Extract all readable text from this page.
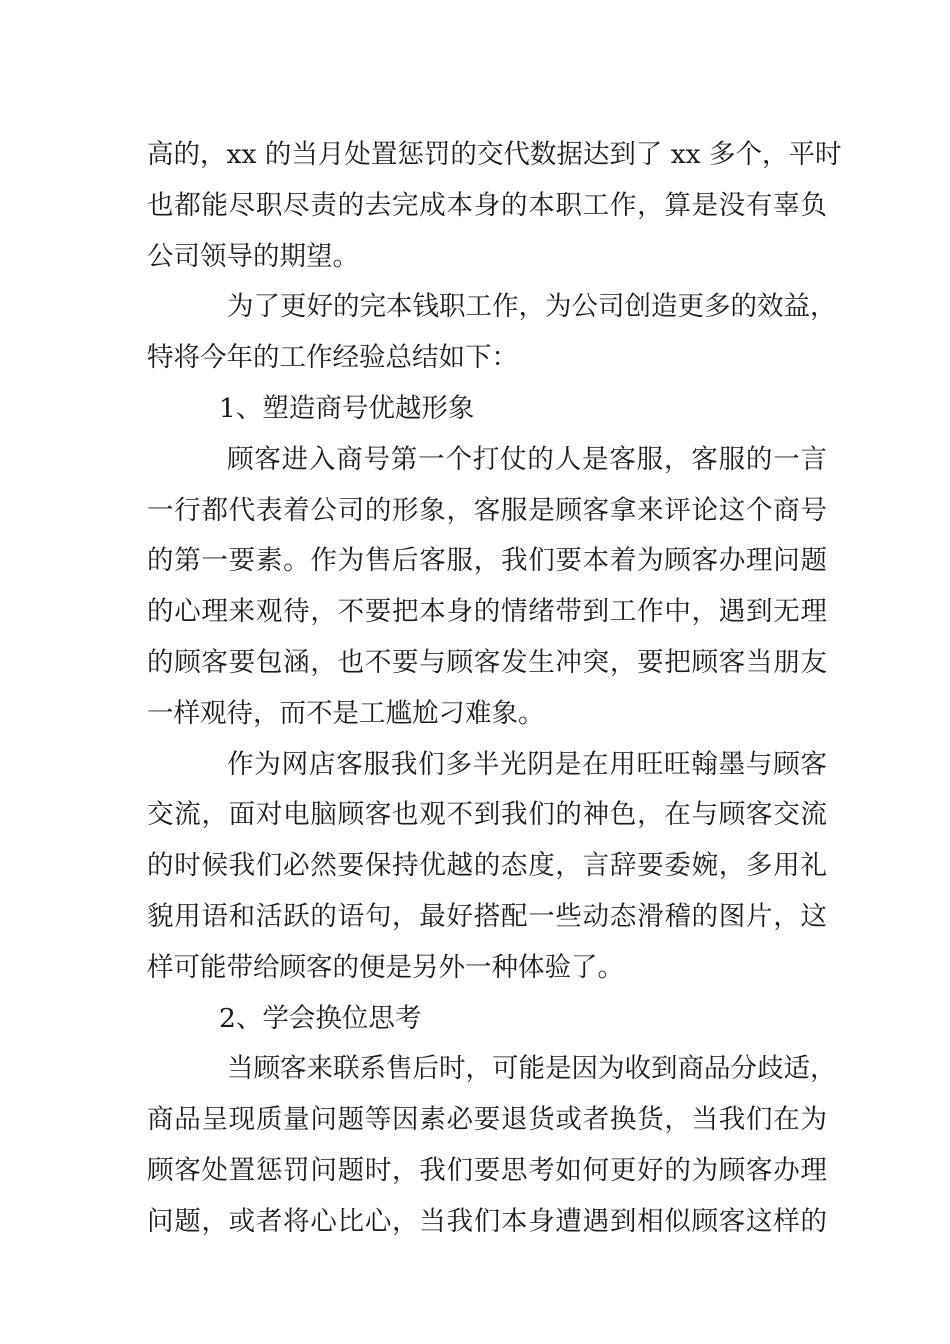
高的，xx 的当月处置惩罚的交代数据达到了 xx 多个，平时
也都能尽职尽责的去完成本身的本职工作，算是没有辜负
公司领导的期望。
为了更好的完本钱职工作，为公司创造更多的效益，
特将今年的工作经验总结如下：
1、塑造商号优越形象
顾客进入商号第一个打仗的人是客服，客服的一言
一行都代表着公司的形象，客服是顾客拿来评论这个商号
的第一要素。作为售后客服，我们要本着为顾客办理问题
的心理来观待，不要把本身的情绪带到工作中，遇到无理
的顾客要包涵，也不要与顾客发生冲突，要把顾客当朋友
一样观待，而不是工尴尬刁难象。
作为网店客服我们多半光阴是在用旺旺翰墨与顾客
交流，面对电脑顾客也观不到我们的神色，在与顾客交流
的时候我们必然要保持优越的态度，言辞要委婉，多用礼
貌用语和活跃的语句，最好搭配一些动态滑稽的图片，这
样可能带给顾客的便是另外一种体验了。
2、学会换位思考
当顾客来联系售后时，可能是因为收到商品分歧适，
商品呈现质量问题等因素必要退货或者换货，当我们在为
顾客处置惩罚问题时，我们要思考如何更好的为顾客办理
问题，或者将心比心，当我们本身遭遇到相似顾客这样的
